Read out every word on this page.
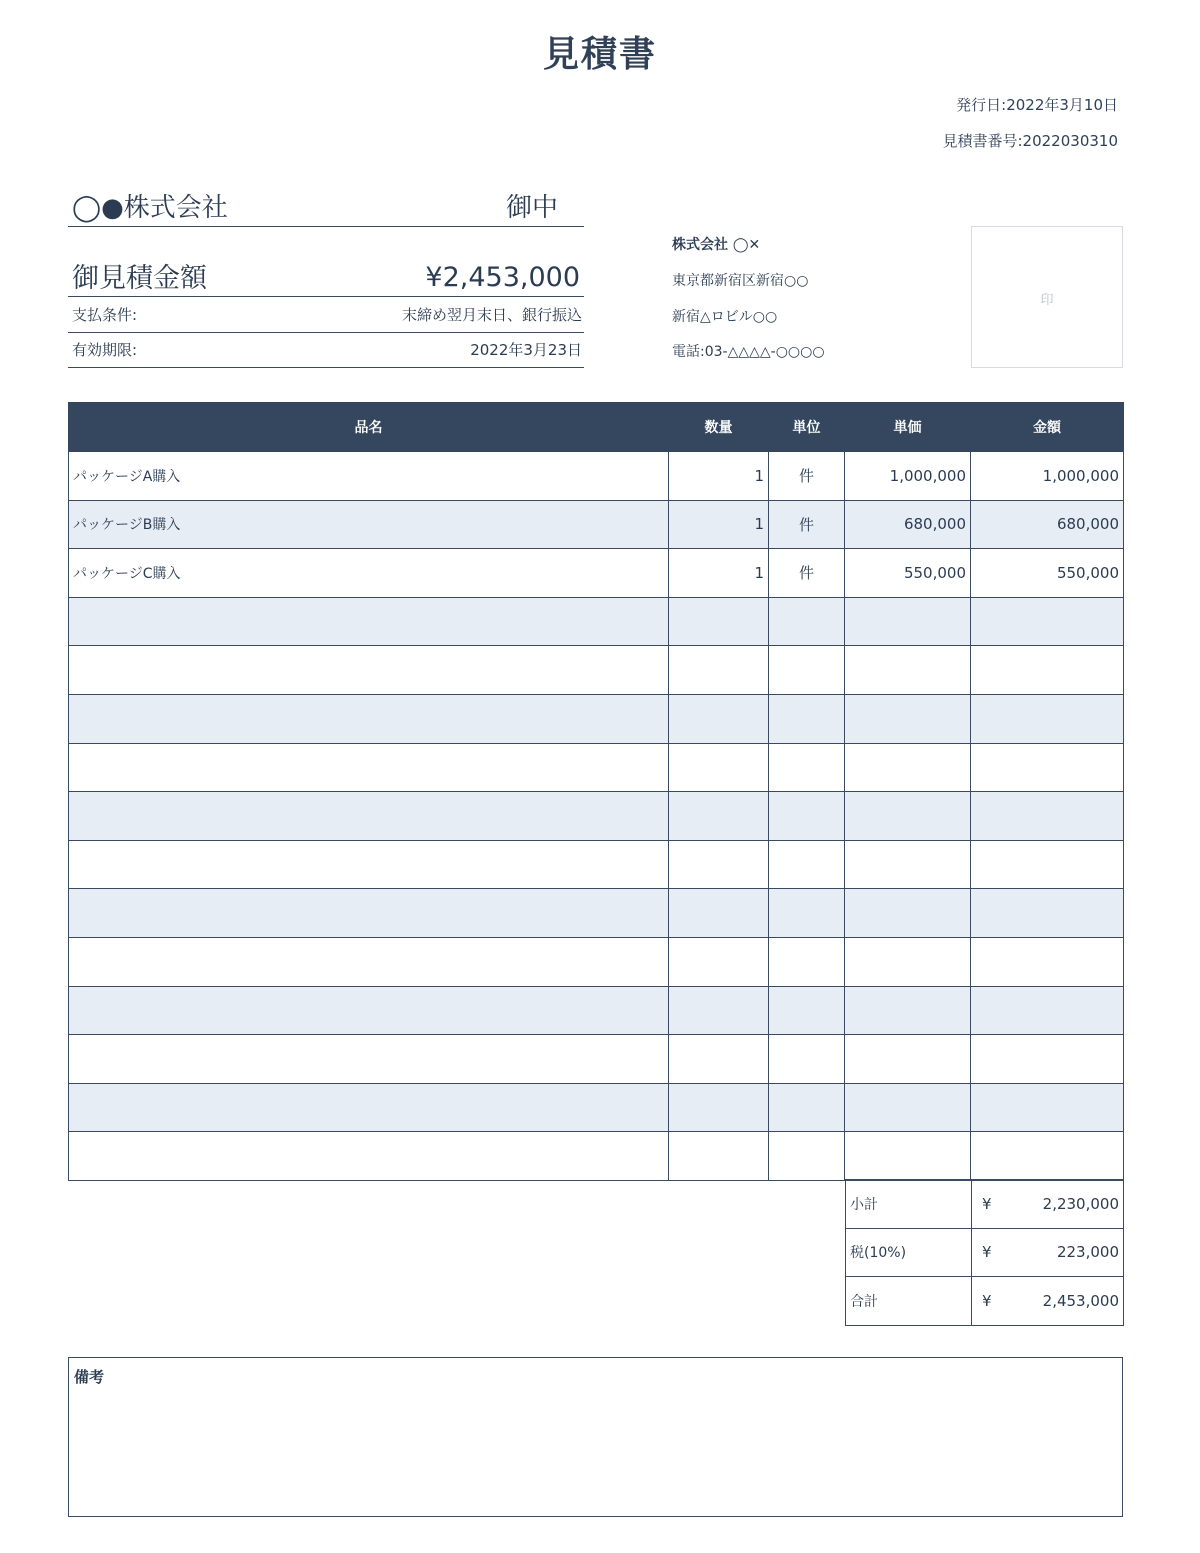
見積書
発行日:2022年3月10日
見積書番号:2022030310
◯●株式会社	御中
御見積金額	¥2,453,000
支払条件:	末締め翌月末日、銀行振込
有効期限:	2022年3月23日
株式会社 ◯✕
東京都新宿区新宿○○
新宿△ロビル○○
電話:03-△△△△-○○○○
印
品名	数量	単位	単価	金額
パッケージA購入	1	件	1,000,000	1,000,000
パッケージB購入	1	件	680,000	680,000
パッケージC購入	1	件	550,000	550,000

小計	¥ 2,230,000
税(10%)	¥ 223,000
合計	¥ 2,453,000
備考
